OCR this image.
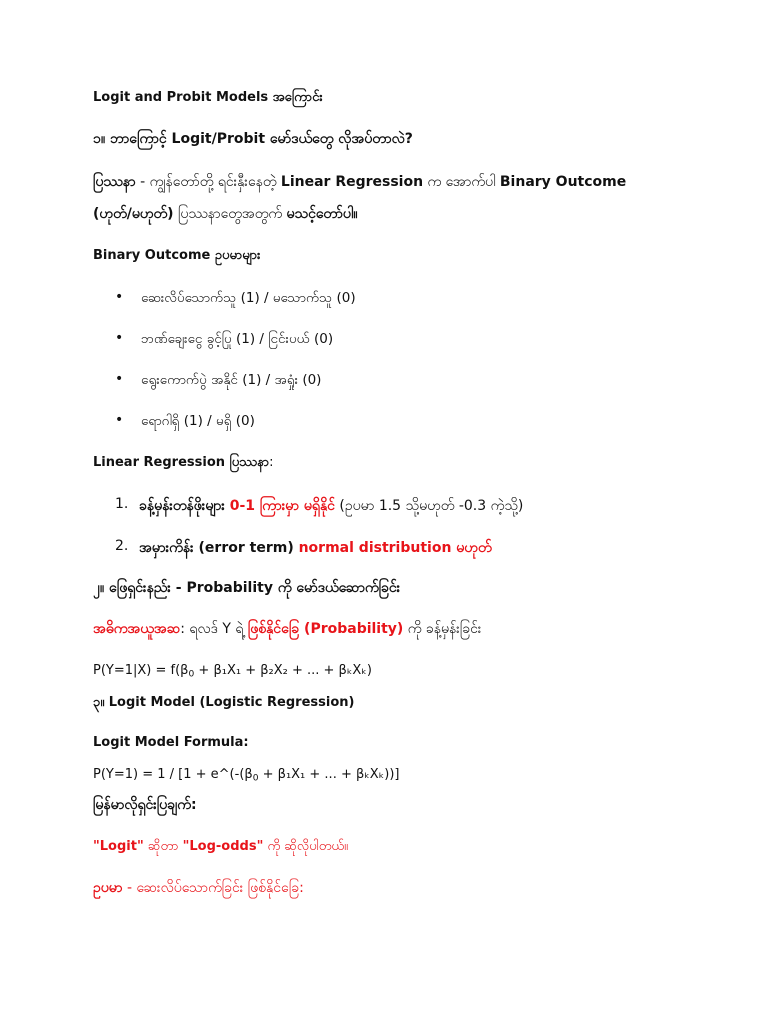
Logit and Probit Models အကြောင်း
၁။ ဘာကြောင့် Logit/Probit မော်ဒယ်တွေ လိုအပ်တာလဲ?
ပြဿနာ - ကျွန်တော်တို့ ရင်းနှီးနေတဲ့ Linear Regression က အောက်ပါ Binary Outcome
(ဟုတ်/မဟုတ်) ပြဿနာတွေအတွက် မသင့်တော်ပါ။
Binary Outcome ဥပမာများ
• ဆေးလိပ်သောက်သူ (1) / မသောက်သူ (0)
• ဘဏ်ချေးငွေ ခွင့်ပြု (1) / ငြင်းပယ် (0)
• ရွေးကောက်ပွဲ အနိုင် (1) / အရှုံး (0)
• ရောဂါရှိ (1) / မရှိ (0)
Linear Regression ပြဿနာ:
1. ခန့်မှန်းတန်ဖိုးများ 0-1 ကြားမှာ မရှိနိုင် (ဥပမာ 1.5 သို့မဟုတ် -0.3 ကဲ့သို့)
2. အမှားကိန်း (error term) normal distribution မဟုတ်
၂။ ဖြေရှင်းနည်း - Probability ကို မော်ဒယ်ဆောက်ခြင်း
အဓိကအယူအဆ: ရလဒ် Y ရဲ့ ဖြစ်နိုင်ခြေ (Probability) ကို ခန့်မှန်းခြင်း
$P(Y=1|X) = f(\beta_0 + \beta_1X_1 + \beta_2X_2$ + ... + βₖXₖ)
၃။ Logit Model (Logistic Regression)
Logit Model Formula:
$P(Y=1) = 1 / [1 + e\^{}(-(\beta_0 + \beta_1X_1$ + ... + βₖXₖ))]
မြန်မာလိုရှင်းပြချက်:
"Logit" ဆိုတာ "Log-odds" ကို ဆိုလိုပါတယ်။
ဥပမာ - ဆေးလိပ်သောက်ခြင်း ဖြစ်နိုင်ခြေ:
